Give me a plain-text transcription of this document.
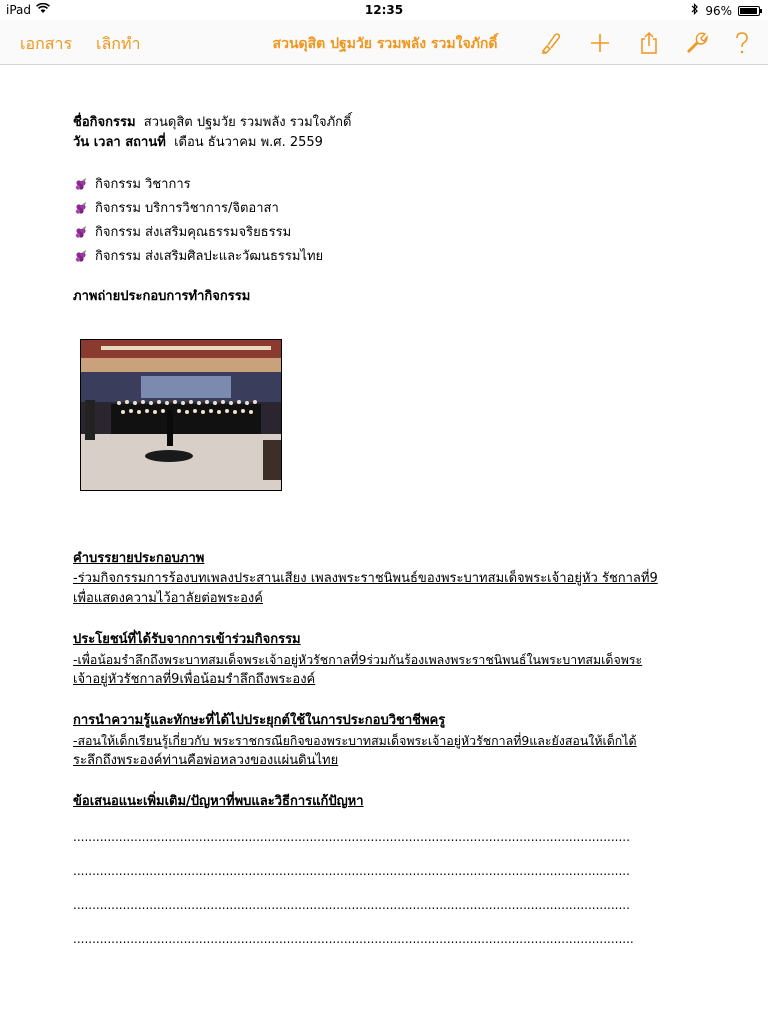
iPad	12:35	96%
เอกสาร เลิกทำ	สวนดุสิต ปฐมวัย รวมพลัง รวมใจภักดิ์
ชื่อกิจกรรม สวนดุสิต ปฐมวัย รวมพลัง รวมใจภักดิ์
วัน เวลา สถานที่ เดือน ธันวาคม พ.ศ. 2559
กิจกรรม วิชาการ
กิจกรรม บริการวิชาการ/จิตอาสา
กิจกรรม ส่งเสริมคุณธรรมจริยธรรม
กิจกรรม ส่งเสริมศิลปะและวัฒนธรรมไทย
ภาพถ่ายประกอบการทำกิจกรรม
คำบรรยายประกอบภาพ
-ร่วมกิจกรรมการร้องบทเพลงประสานเสียง เพลงพระราชนิพนธ์ของพระบาทสมเด็จพระเจ้าอยู่หัว รัชกาลที่9
เพื่อแสดงความไว้อาลัยต่อพระองค์
ประโยชน์ที่ได้รับจากการเข้าร่วมกิจกรรม
-เพื่อน้อมรำลึกถึงพระบาทสมเด็จพระเจ้าอยู่หัวรัชกาลที่9ร่วมกันร้องเพลงพระราชนิพนธ์ในพระบาทสมเด็จพระ
เจ้าอยู่หัวรัชกาลที่9เพื่อน้อมรำลึกถึงพระองค์
การนำความรู้และทักษะที่ได้ไปประยุกต์ใช้ในการประกอบวิชาชีพครู
-สอนให้เด็กเรียนรู้เกี่ยวกับ พระราชกรณียกิจของพระบาทสมเด็จพระเจ้าอยู่หัวรัชกาลที่9และยังสอนให้เด็กได้
ระลึกถึงพระองค์ท่านคือพ่อหลวงของแผ่นดินไทย
ข้อเสนอแนะเพิ่มเติม/ปัญหาที่พบและวิธีการแก้ปัญหา
..................................................................................................................................................
..................................................................................................................................................
..................................................................................................................................................
...................................................................................................................................................
